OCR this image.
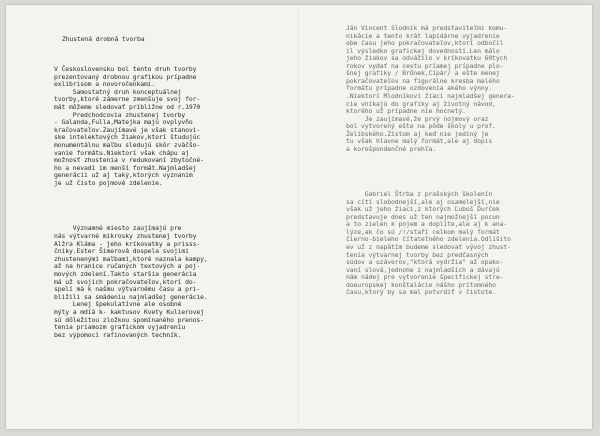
Zhustená drobná tvorba

V Československu bol tento druh tvorby
prezentovaný drobnou grafikou prípadne
exlibrisom a novoročenkami.
Samostatný druh konceptuálnej
tvorby,ktoré zámerne zmenšuje svoj for-
mát môžeme sledovať približne od r.1970
Predchodcovia zhustenej tvorby
- Galanda,Fulla,Matejka majú ovplyvňo
kračovateľov.Zaujímavé je však stanovi-
ske intelektových žiakov,ktorí študujúc
monumentálnu maľbu sledujú skôr zväčšo-
vanie formátu.Niektorí však chápu aj
možnosť zhustenia v redukovaní zbytočné-
ho a nevadí im menší formát.Najmladšej
generácii už aj taký,ktorých vyznanim
je už čisto pojmové zdelenie.

Významné miesto zaujímajú pre
nás výtvarné mikrosky zhustenej tvorby
Alžra Kláma - jeho kríkovatky a prisss-
čniky.Ester Šimerová dospela svojimi
zhustenenými maľbami,ktoré naznala kampy,
až na hranice ručaných textových a poj-
mových zdelení.Takto staršia generácia
má už svojich pokračovateľov,ktorí do-
spelí mä k našmu výtvarnému času a pri-
bližili sa smädeniu najmladšej generácie.
Lenej špekulatívne ale osobné
mýty a mdíä k- kaktusov Kvety Kulierovej
sú dôležitou zložkou spomínaného prenos-
tenia priamozm grafickom vyjadreniu
bez výpomoci rafinovaných techník.

Ján Vincent Slodník má predstaviteľmi komu-
nikácie a tento krát lapidárne vyjadrenie
obe času jeho pokračovateľov,ktorí odbočil
il výsledko grafickej dovednosti.Len málo
jeho žiakov sa odvážilo v kríkovatku 60tych
rokov vydať na cestu príamej prípadne plo-
šnej grafiky / Brůnek,Cipár/ a ešte menej
pokračovateľov na figurálne kresba malého
formátu prípadne ozdovenia akého výnny.
.Niektorí Mlodníkovi žiaci najmladšej genera-
cie vníkajú do grafiky aj životný návod,
ktorého už prípadne nie hocnetý.
Je zaujímavé,že prvý nojmový oraz
bol vytvorený ešte na pôde školy u prof.
Želibského.Zistom aj keď nie jediný je
tu však hlavne malý formát,ale aj dopis
a korešpondenčné prehľa.

Gabriel Štrba z prašských školenín
sa cítí slobodnejší,ale aj osamelejší,nie
však už jeho žiaci,z ktorých Ľuboš Ďurček
predstavuje dnes už ten najmožnejší pocun
a to zielen k pojem a doplite,ale aj k ana-
lýze,ak čo sú /!/staří celkom malý formát
čierno-bieleho čítateľného zdelenia.Odlišito
ev už z napätím budeme sledovať vývoj zhust-
tenia výtvarnej tvorby bez predčasných
súdov a uzáverov,"ktorá vydržia" až opako-
vaní slová,jednohe z najmladších a dávajú
nám nádej pre vytvorenie špecifickej stre-
doeuropskej konštalácie nášho prítomného
času,ktorý by sa mal potvrdiť v čistote.
